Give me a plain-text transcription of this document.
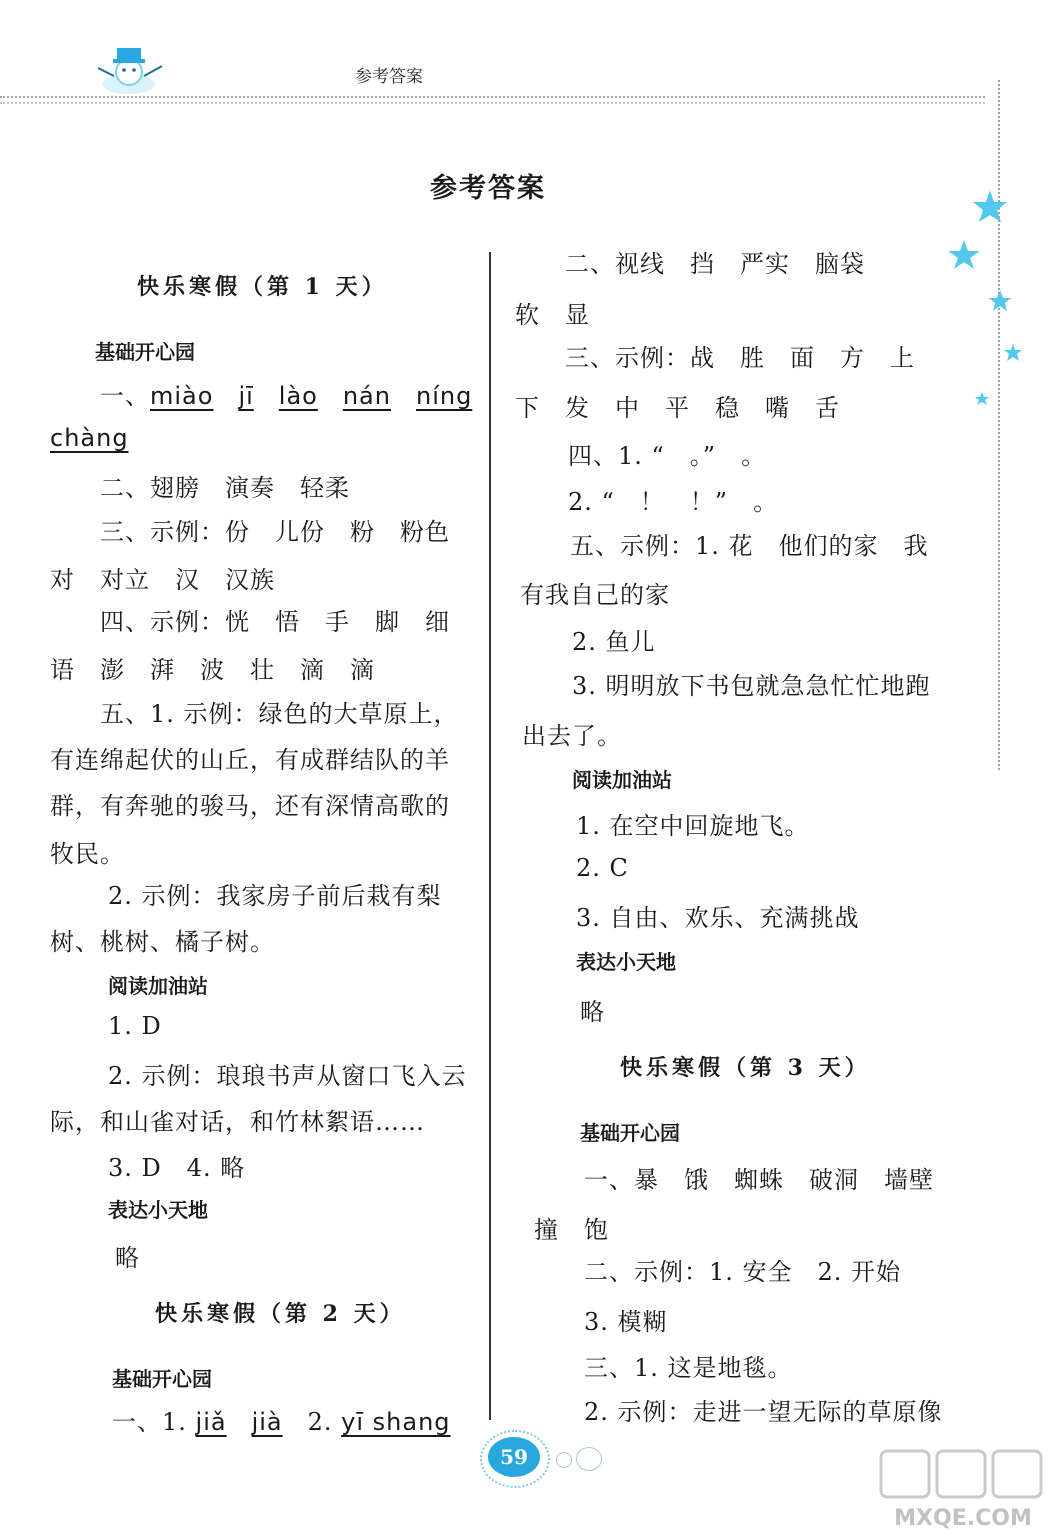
参考答案
参考答案
快乐寒假（第 1 天）
基础开心园
一、miào　 jī　 lào　 nán　 níng
chàng
二、翅膀　演奏　轻柔
三、示例：份　儿份　粉　粉色
对　对立　汉　汉族
四、示例：恍　悟　手　脚　细
语　澎　湃　波　壮　滴　滴
五、1. 示例：绿色的大草原上，
有连绵起伏的山丘，有成群结队的羊
群，有奔驰的骏马，还有深情高歌的
牧民。
2. 示例：我家房子前后栽有梨
树、桃树、橘子树。
阅读加油站
1. D
2. 示例：琅琅书声从窗口飞入云
际，和山雀对话，和竹林絮语……
3. D　4. 略
表达小天地
略
快乐寒假（第 2 天）
基础开心园
一、1. jiǎ　 jià　2. yī shang
二、视线　挡　严实　脑袋
软　显
三、示例：战　胜　面　方　上
下　发　中　平　稳　嘴　舌
四、1. “　。”　。
2. “　！　！”　。
五、示例：1. 花　他们的家　我
有我自己的家
2. 鱼儿
3. 明明放下书包就急急忙忙地跑
出去了。
阅读加油站
1. 在空中回旋地飞。
2. C
3. 自由、欢乐、充满挑战
表达小天地
略
快乐寒假（第 3 天）
基础开心园
一、暴　饿　蜘蛛　破洞　墙壁
撞　饱
二、示例：1. 安全　2. 开始
3. 模糊
三、1. 这是地毯。
2. 示例：走进一望无际的草原像
59
MXQE.COM
